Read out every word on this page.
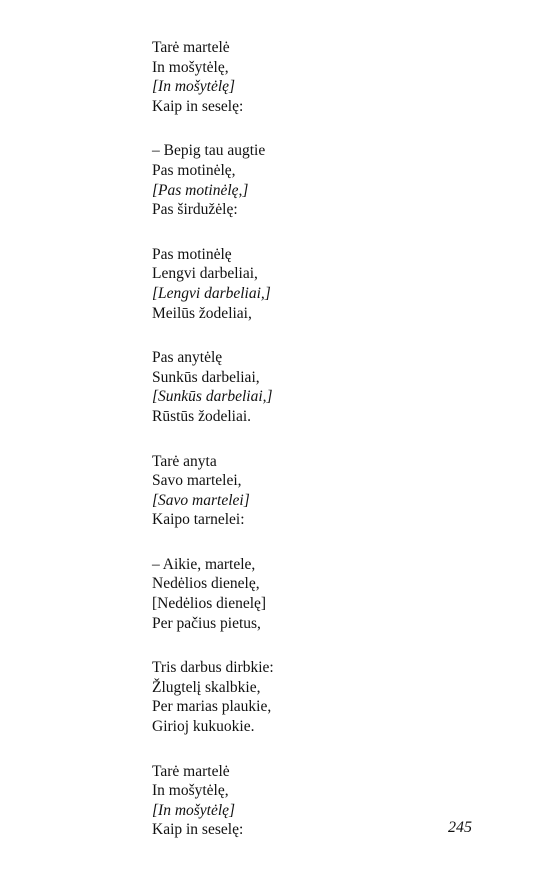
Tarė martelė
In mošytėlę,
[In mošytėlę]
Kaip in seselę:
– Bepig tau augtie
Pas motinėlę,
[Pas motinėlę,]
Pas širdužėlę:
Pas motinėlę
Lengvi darbeliai,
[Lengvi darbeliai,]
Meilūs žodeliai,
Pas anytėlę
Sunkūs darbeliai,
[Sunkūs darbeliai,]
Rūstūs žodeliai.
Tarė anyta
Savo martelei,
[Savo martelei]
Kaipo tarnelei:
– Aikie, martele,
Nedėlios dienelę,
[Nedėlios dienelę]
Per pačius pietus,
Tris darbus dirbkie:
Žlugtelį skalbkie,
Per marias plaukie,
Girioj kukuokie.
Tarė martelė
In mošytėlę,
[In mošytėlę]
Kaip in seselę:	245
